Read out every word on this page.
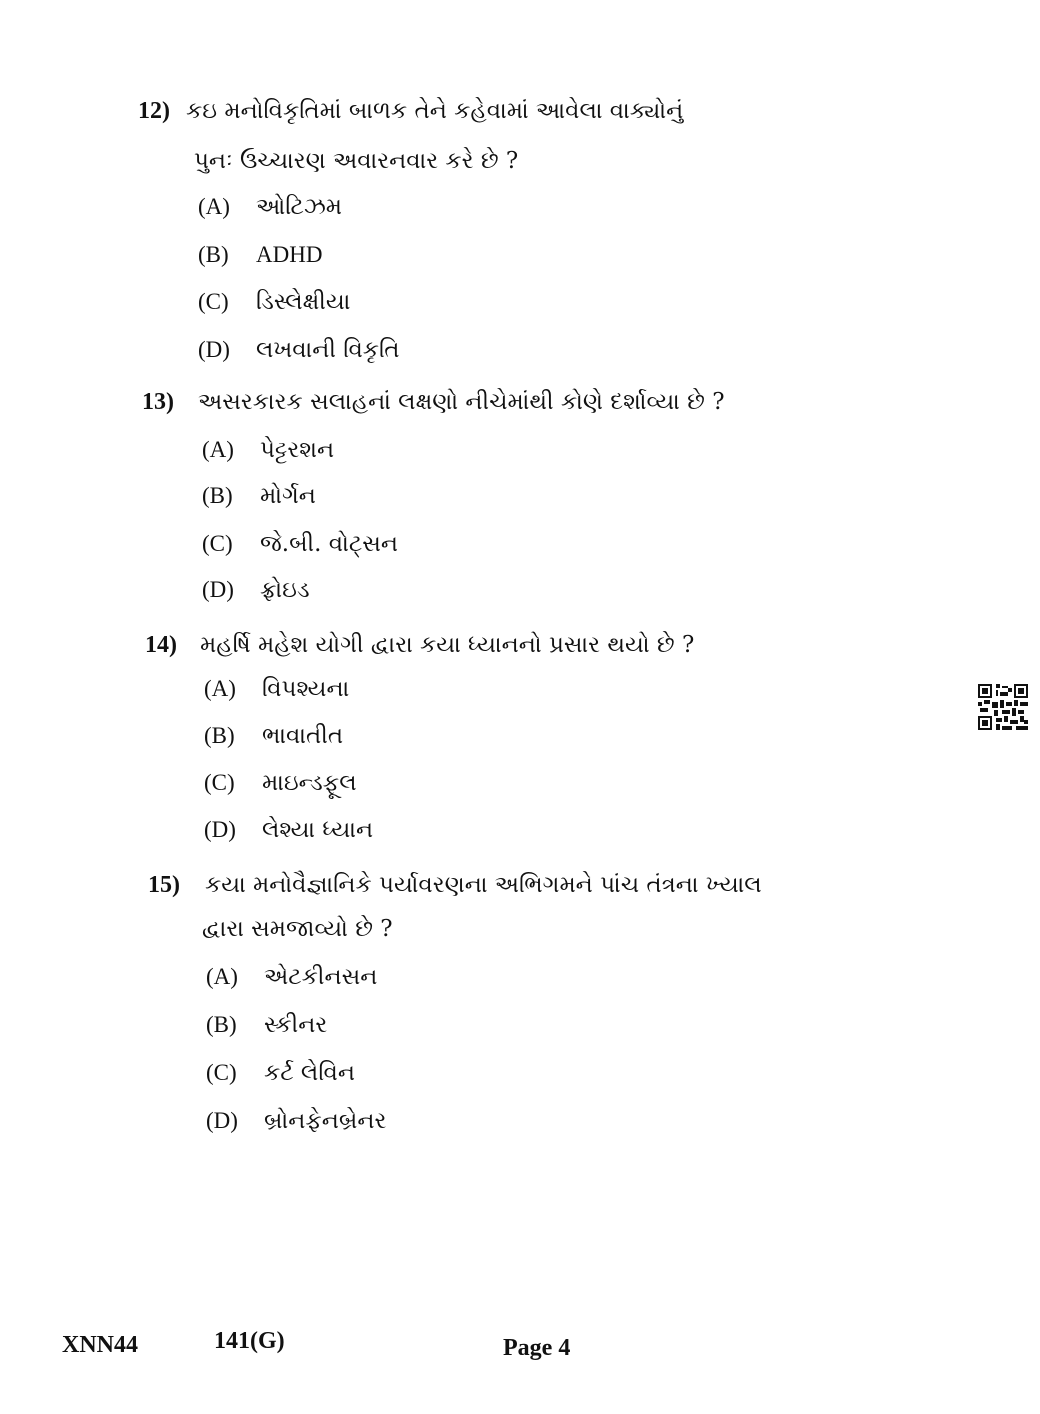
12) કઇ મનોવિકૃતિમાં બાળક તેને કહેવામાં આવેલા વાક્યોનું
પુનઃ ઉચ્ચારણ અવારનવાર કરે છે ?
(A) ઓટિઝમ
(B) ADHD
(C) ડિસ્લેક્ષીયા
(D) લખવાની વિકૃતિ
13) અસરકારક સલાહનાં લક્ષણો નીચેમાંથી કોણે દર્શાવ્યા છે ?
(A) પેટ્ટરશન
(B) મોર્ગન
(C) જે.બી. વોટ્સન
(D) ફ્રોઇડ
14) મહર્ષિ મહેશ યોગી દ્વારા કયા ધ્યાનનો પ્રસાર થયો છે ?
(A) વિપશ્યના
(B) ભાવાતીત
(C) માઇન્ડફૂલ
(D) લેશ્યા ધ્યાન
15) કયા મનોવૈજ્ઞાનિકે પર્યાવરણના અભિગમને પાંચ તંત્રના ખ્યાલ
દ્વારા સમજાવ્યો છે ?
(A) એટકીનસન
(B) સ્કીનર
(C) કર્ટ લેવિન
(D) બ્રોનફેનબ્રેનર
XNN44	141(G)	Page 4
